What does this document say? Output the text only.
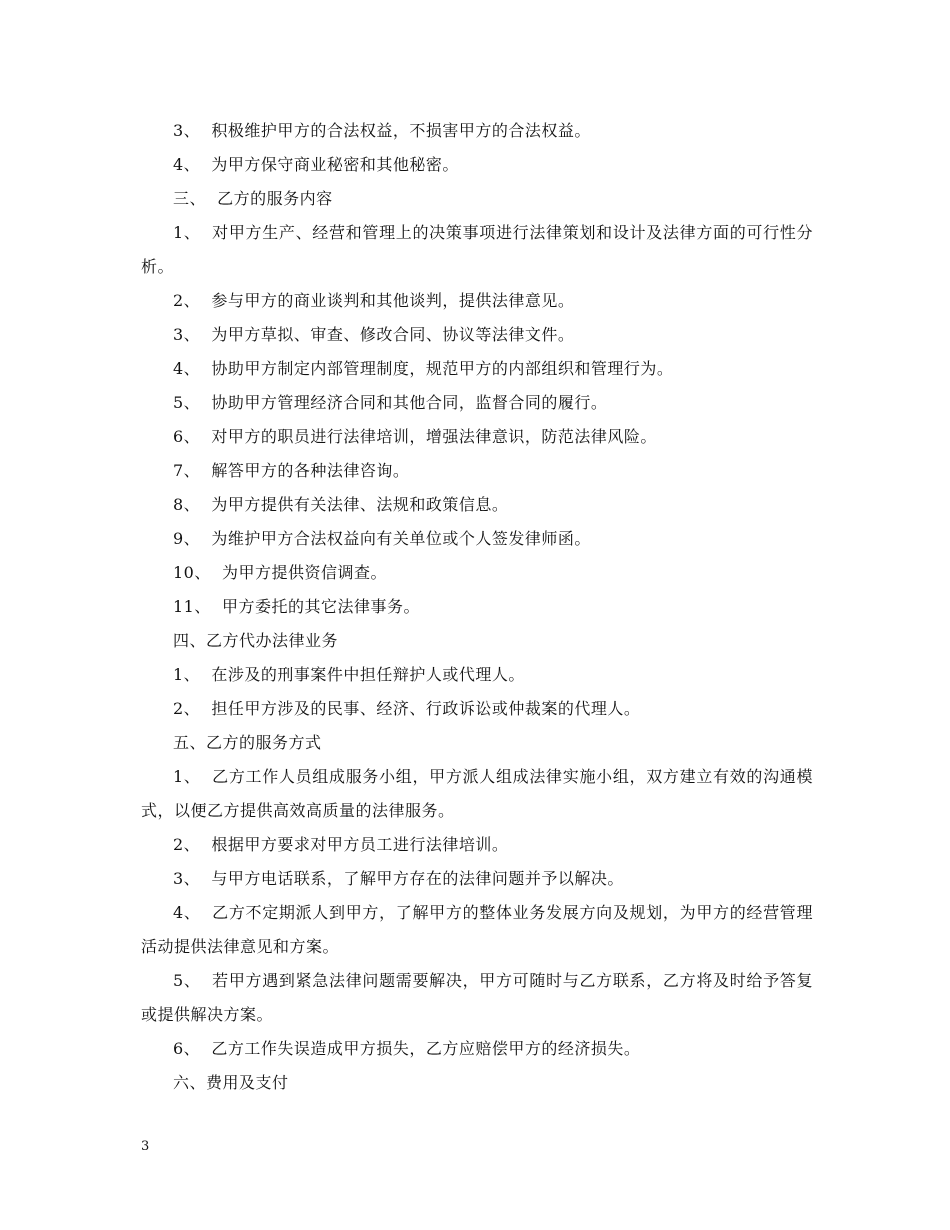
3、  积极维护甲方的合法权益，不损害甲方的合法权益。

4、  为甲方保守商业秘密和其他秘密。

三、  乙方的服务内容

1、  对甲方生产、经营和管理上的决策事项进行法律策划和设计及法律方面的可行性分析。

2、  参与甲方的商业谈判和其他谈判，提供法律意见。

3、  为甲方草拟、审查、修改合同、协议等法律文件。

4、  协助甲方制定内部管理制度，规范甲方的内部组织和管理行为。

5、  协助甲方管理经济合同和其他合同，监督合同的履行。

6、  对甲方的职员进行法律培训，增强法律意识，防范法律风险。

7、  解答甲方的各种法律咨询。

8、  为甲方提供有关法律、法规和政策信息。

9、  为维护甲方合法权益向有关单位或个人签发律师函。

10、  为甲方提供资信调查。

11、  甲方委托的其它法律事务。

四、乙方代办法律业务

1、  在涉及的刑事案件中担任辩护人或代理人。

2、  担任甲方涉及的民事、经济、行政诉讼或仲裁案的代理人。

五、乙方的服务方式

1、  乙方工作人员组成服务小组，甲方派人组成法律实施小组，双方建立有效的沟通模式，以便乙方提供高效高质量的法律服务。

2、  根据甲方要求对甲方员工进行法律培训。

3、  与甲方电话联系，了解甲方存在的法律问题并予以解决。

4、  乙方不定期派人到甲方，了解甲方的整体业务发展方向及规划，为甲方的经营管理活动提供法律意见和方案。

5、  若甲方遇到紧急法律问题需要解决，甲方可随时与乙方联系，乙方将及时给予答复或提供解决方案。

6、  乙方工作失误造成甲方损失，乙方应赔偿甲方的经济损失。

六、费用及支付

3
